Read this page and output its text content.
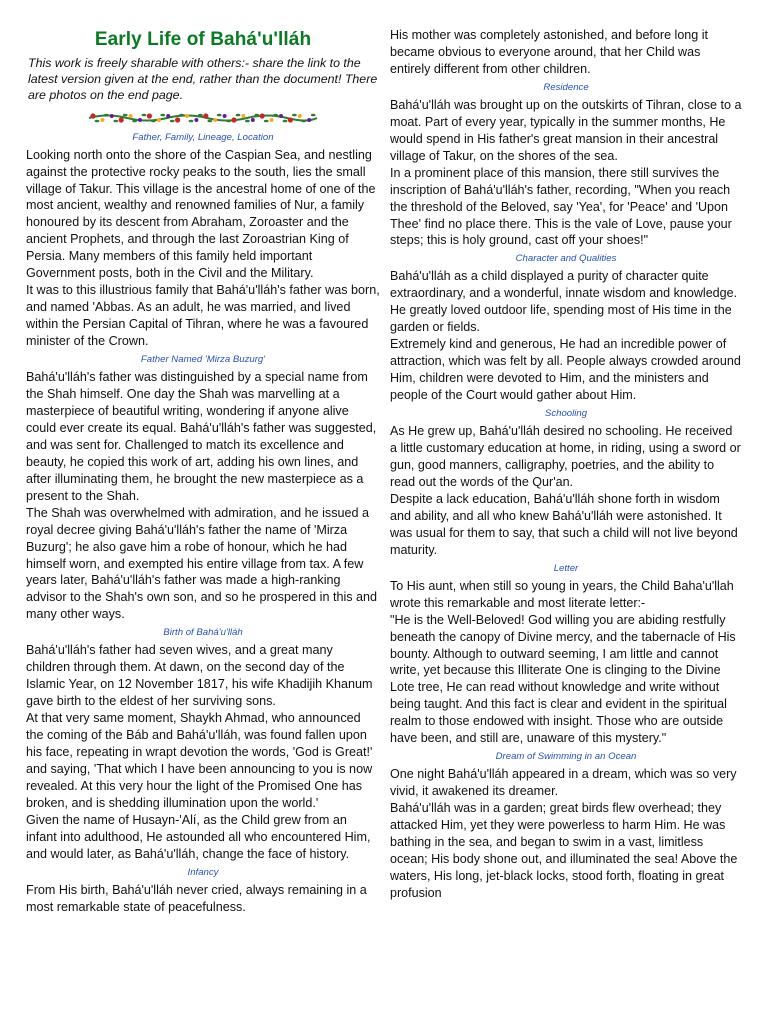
Early Life of Bahá'u'lláh
This work is freely sharable with others:- share the link to the latest version given at the end, rather than the document! There are photos on the end page.
Father, Family, Lineage, Location

Looking north onto the shore of the Caspian Sea, and nestling against the protective rocky peaks to the south, lies the small village of Takur. This village is the ancestral home of one of the most ancient, wealthy and renowned families of Nur, a family honoured by its descent from Abraham, Zoroaster and the ancient Prophets, and through the last Zoroastrian King of Persia. Many members of this family held important Government posts, both in the Civil and the Military.

It was to this illustrious family that Bahá'u'lláh's father was born, and named 'Abbas. As an adult, he was married, and lived within the Persian Capital of Tihran, where he was a favoured minister of the Crown.

Father Named 'Mirza Buzurg'

Bahá'u'lláh's father was distinguished by a special name from the Shah himself. One day the Shah was marvelling at a masterpiece of beautiful writing, wondering if anyone alive could ever create its equal. Bahá'u'lláh's father was suggested, and was sent for. Challenged to match its excellence and beauty, he copied this work of art, adding his own lines, and after illuminating them, he brought the new masterpiece as a present to the Shah.

The Shah was overwhelmed with admiration, and he issued a royal decree giving Bahá'u'lláh's father the name of 'Mirza Buzurg'; he also gave him a robe of honour, which he had himself worn, and exempted his entire village from tax. A few years later, Bahá'u'lláh's father was made a high-ranking advisor to the Shah's own son, and so he prospered in this and many other ways.

Birth of Bahá'u'lláh

Bahá'u'lláh's father had seven wives, and a great many children through them. At dawn, on the second day of the Islamic Year, on 12 November 1817, his wife Khadijih Khanum gave birth to the eldest of her surviving sons.

At that very same moment, Shaykh Ahmad, who announced the coming of the Báb and Bahá'u'lláh, was found fallen upon his face, repeating in wrapt devotion the words, 'God is Great!' and saying, 'That which I have been announcing to you is now revealed. At this very hour the light of the Promised One has broken, and is shedding illumination upon the world.'

Given the name of Husayn-'Alí, as the Child grew from an infant into adulthood, He astounded all who encountered Him, and would later, as Bahá'u'lláh, change the face of history.

Infancy

From His birth, Bahá'u'lláh never cried, always remaining in a most remarkable state of peacefulness.

His mother was completely astonished, and before long it became obvious to everyone around, that her Child was entirely different from other children.

Residence

Bahá'u'lláh was brought up on the outskirts of Tihran, close to a moat. Part of every year, typically in the summer months, He would spend in His father's great mansion in their ancestral village of Takur, on the shores of the sea.

In a prominent place of this mansion, there still survives the inscription of Bahá'u'lláh's father, recording, "When you reach the threshold of the Beloved, say 'Yea', for 'Peace' and 'Upon Thee' find no place there. This is the vale of Love, pause your steps; this is holy ground, cast off your shoes!"

Character and Qualities

Bahá'u'lláh as a child displayed a purity of character quite extraordinary, and a wonderful, innate wisdom and knowledge.

He greatly loved outdoor life, spending most of His time in the garden or fields.

Extremely kind and generous, He had an incredible power of attraction, which was felt by all. People always crowded around Him, children were devoted to Him, and the ministers and people of the Court would gather about Him.

Schooling

As He grew up, Bahá'u'lláh desired no schooling. He received a little customary education at home, in riding, using a sword or gun, good manners, calligraphy, poetries, and the ability to read out the words of the Qur'an.

Despite a lack education, Bahá'u'lláh shone forth in wisdom and ability, and all who knew Bahá'u'lláh were astonished. It was usual for them to say, that such a child will not live beyond maturity.

Letter

To His aunt, when still so young in years, the Child Baha'u'llah wrote this remarkable and most literate letter:-

"He is the Well-Beloved! God willing you are abiding restfully beneath the canopy of Divine mercy, and the tabernacle of His bounty. Although to outward seeming, I am little and cannot write, yet because this Illiterate One is clinging to the Divine Lote tree, He can read without knowledge and write without being taught. And this fact is clear and evident in the spiritual realm to those endowed with insight. Those who are outside have been, and still are, unaware of this mystery."

Dream of Swimming in an Ocean

One night Bahá'u'lláh appeared in a dream, which was so very vivid, it awakened its dreamer.

Bahá'u'lláh was in a garden; great birds flew overhead; they attacked Him, yet they were powerless to harm Him. He was bathing in the sea, and began to swim in a vast, limitless ocean; His body shone out, and illuminated the sea! Above the waters, His long, jet-black locks, stood forth, floating in great profusion
